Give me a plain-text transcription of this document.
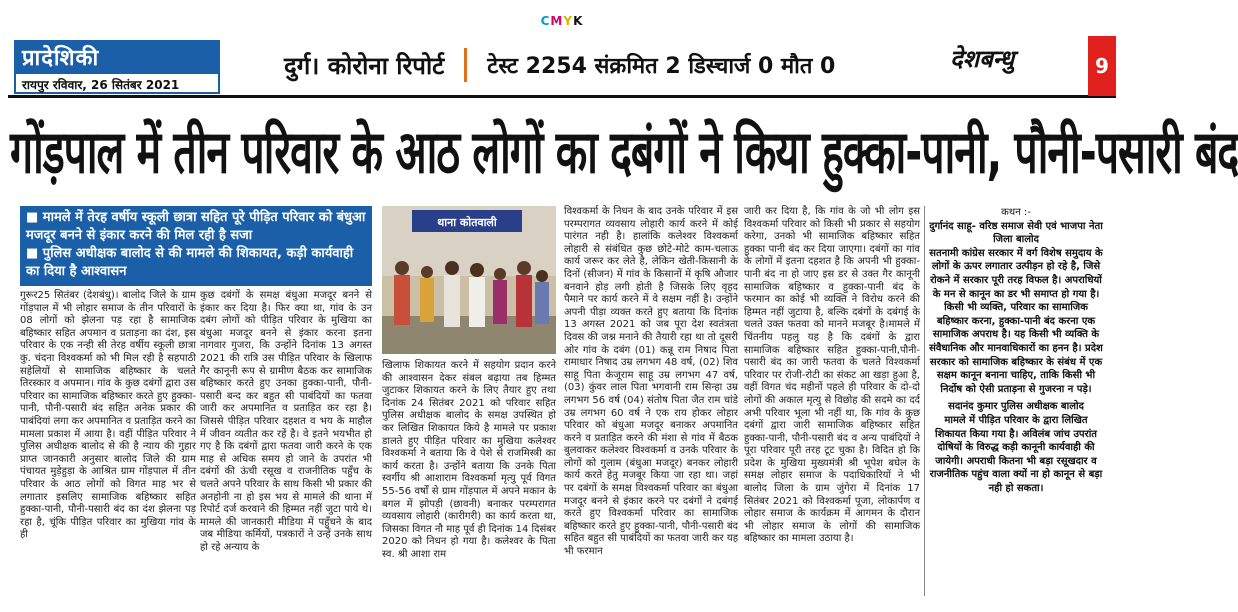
CMYK
प्रादेशिकी
रायपुर रविवार, 26 सितंबर 2021
दुर्ग। कोरोना रिपोर्ट	टेस्ट 2254 संक्रमित 2 डिस्चार्ज 0 मौत 0	देशबन्धु	9
गोंड़पाल में तीन परिवार के आठ लोगों का दबंगों ने किया हुक्का-पानी, पौनी-पसारी बंद

■ मामले में तेरह वर्षीय स्कूली छात्रा सहित पूरे पीड़ित परिवार को बंधुआ मजदूर बनने से इंकार करने की मिल रही है सजा

■ पुलिस अधीक्षक बालोद से की मामले की शिकायत, कड़ी कार्यवाही का दिया है आश्वासन

थाना कोतवाली
गुरूर25 सितंबर (देशबंधु)। बालोद जिले के ग्राम गोंड़पाल में भी लोहार समाज के तीन परिवारों के 08 लोगों को झेलना पड़ रहा है सामाजिक बहिष्कार सहित अपमान व प्रताड़ना का दंश, इस परिवार के एक नन्ही सी तेरह वर्षीय स्कूली छात्रा कु. चंदना विश्वकर्मा को भी मिल रही है सहपाठी सहेलियों से सामाजिक बहिष्कार के चलते तिरस्कार व अपमान। गांव के कुछ दबंगों द्वारा उस परिवार का सामाजिक बहिष्कार करते हुए हुक्का-पानी, पौनी-पसारी बंद सहित अनेक प्रकार की पाबंदियां लगा कर अपमानित व प्रताड़ित करने का मामला प्रकाश में आया है। वहीं पीड़ित परिवार ने पुलिस अधीक्षक बालोद से की है न्याय की गुहार प्राप्त जानकारी अनुसार बालोद जिले की ग्राम पंचायत मुड़ेहुड़ा के आश्रित ग्राम गोंड़पाल में तीन परिवार के आठ लोगों को विगत माह भर से लगातार इसलिए सामाजिक बहिष्कार सहित हुक्का-पानी, पौनी-पसारी बंद का दंश झेलना पड़ रहा है, चूंकि पीड़ित परिवार का मुखिया गांव के ही
कुछ दबंगों के समक्ष बंधुआ मजदूर बनने से इंकार कर दिया है। फिर क्या था, गांव के उन दबंग लोगों को पीड़ित परिवार के मुखिया का बंधुआ मजदूर बनने से इंकार करना इतना नागवार गुजरा, कि उन्होंने दिनांक 13 अगस्त 2021 की रात्रि उस पीड़ित परिवार के खिलाफ गैर कानूनी रूप से ग्रामीण बैठक कर सामाजिक बहिष्कार करते हुए उनका हुक्का-पानी, पौनी-पसारी बन्द कर बहुत सी पाबंदियों का फतवा जारी कर अपमानित व प्रताड़ित कर रहा है। जिससे पीड़ित परिवार दहशत व भय के माहौल में जीवन व्यतीत कर रहें है। वे इतने भयभीत हो गए है कि दबंगों द्वारा फतवा जारी करने के एक माह से अधिक समय हो जाने के उपरांत भी दबंगों की ऊंची रसूख व राजनीतिक पहुँच के चलते अपने परिवार के साथ किसी भी प्रकार की अनहोनी ना हो इस भय से मामले की थाना में रिपोर्ट दर्ज करवाने की हिम्मत नहीं जुटा पाये थे। मामले की जानकारी मीडिया में पहुँचने के बाद जब मीडिया कर्मियों, पत्रकारों ने उन्हें उनके साथ हो रहे अन्याय के
खिलाफ शिकायत करने में सहयोग प्रदान करने की आश्वासन देकर संबल बढ़ाया तब हिम्मत जुटाकर शिकायत करने के लिए तैयार हुए तथा दिनांक 24 सितंबर 2021 को परिवार सहित पुलिस अधीक्षक बालोद के समक्ष उपस्थित हो कर लिखित शिकायत किये है मामले पर प्रकाश डालते हुए पीड़ित परिवार का मुखिया कलेश्वर विश्वकर्मा ने बताया कि वे पेशे से राजमिस्त्री का कार्य करता है। उन्होंने बताया कि उनके पिता स्वर्गीय श्री आशाराम विश्वकर्मा मृत्यु पूर्व विगत 55-56 वर्षों से ग्राम गोंड़पाल में अपने मकान के बगल में झोपड़ी (छावनी) बनाकर परम्परागत व्यवसाय लोहारी (कारीगरी) का कार्य करता था, जिसका विगत नौ माह पूर्व ही दिनांक 14 दिसंबर 2020 को निधन हो गया है। कलेश्वर के पिता स्व. श्री आशा राम
विश्वकर्मा के निधन के बाद उनके परिवार में इस परम्परागत व्यवसाय लोहारी कार्य करने में कोई पारंगत नही है। हालांकि कलेश्वर विश्वकर्मा लोहारी से संबंधित कुछ छोटे-मोटे काम-चलाऊ कार्य जरूर कर लेते है, लेकिन खेती-किसानी के दिनों (सीजन) में गांव के किसानों में कृषि औजार बनवाने होड़ लगी होती है जिसके लिए वृहद पैमाने पर कार्य करने में वे सक्षम नहीं है। उन्होंने अपनी पीड़ा व्यक्त करते हुए बताया कि दिनांक 13 अगस्त 2021 को जब पूरा देश स्वतंत्रता दिवस की जश्न मनाने की तैयारी रहा था तो दूसरी ओर गांव के दबंग (01) कन्नू राम निषाद पिता रामाधार निषाद उम्र लगभग 48 वर्ष, (02) शिव साहू पिता केजूराम साहू उम्र लगभग 47 वर्ष, (03) कुंवर लाल पिता भगवानी राम सिन्हा उम्र लगभग 56 वर्ष (04) संतोष पिता जैत राम चांडे उम्र लगभग 60 वर्ष ने एक राय होकर लोहार परिवार को बंधुआ मजदूर बनाकर अपमानित करने व प्रताड़ित करने की मंशा से गांव में बैठक बुलवाकर कलेश्वर विश्वकर्मा व उनके परिवार के लोगों को गुलाम (बंधुआ मजदूर) बनकर लोहारी कार्य करते हेतु मजबूर किया जा रहा था। जहां पर दबंगों के समक्ष विश्वकर्मा परिवार का बंधुआ मजदूर बनने से इंकार करने पर दबंगों ने दबंगई करते हुए विश्वकर्मा परिवार का सामाजिक बहिष्कार करते हुए हुक्का-पानी, पौनी-पसारी बंद सहित बहुत सी पाबंदियों का फतवा जारी कर यह भी फरमान
जारी कर दिया है, कि गांव के जो भी लोग इस विश्वकर्मा परिवार को किसी भी प्रकार से सहयोग करेगा, उनको भी सामाजिक बहिष्कार सहित हुक्का पानी बंद कर दिया जाएगा। दबंगों का गांव के लोगों में इतना दहशत है कि अपनी भी हुक्का-पानी बंद ना हो जाए इस डर से उक्त गैर कानूनी सामाजिक बहिष्कार व हुक्का-पानी बंद के फरमान का कोई भी व्यक्ति ने विरोध करने की हिम्मत नहीं जुटाया है, बल्कि दबंगों के दबंगई के चलते उक्त फतवा को मानने मजबूर है।मामले में चिंतनीय पहलु यह है कि दबंगों के द्वारा सामाजिक बहिष्कार सहित हुक्का-पानी,पौनी-पसारी बंद का जारी फतवा के चलते विश्वकर्मा परिवार पर रोजी-रोटी का संकट आ खड़ा हुआ है, वहीं विगत चंद महीनों पहले ही परिवार के दो-दो लोगों की अकाल मृत्यु से विछोह की सदमे का दर्द अभी परिवार भूला भी नहीं था, कि गांव के कुछ दबंगों द्वारा जारी सामाजिक बहिष्कार सहित हुक्का-पानी, पौनी-पसारी बंद व अन्य पाबंदियों ने पूरा परिवार पूरी तरह टूट चुका है। विदित हो कि प्रदेश के मुखिया मुख्यमंत्री श्री भूपेश बघेल के समक्ष लोहार समाज के पदाधिकारियों ने भी बालोद जिला के ग्राम जुंगेरा में दिनांक 17 सितंबर 2021 को विश्वकर्मा पूजा, लोकार्पण व लोहार समाज के कार्यक्रम में आगमन के दौरान भी लोहार समाज के लोगों की सामाजिक बहिष्कार का मामला उठाया है।
कथन :-
दुर्गानंद साहू- वरिष्ठ समाज सेवी एवं भाजपा नेता जिला बालोद
सतनामी कांग्रेस सरकार में वर्ग विशेष समुदाय के लोगों के ऊपर लगातार उत्पीड़न हो रहे है, जिसे रोकने में सरकार पूरी तरह विफल है। अपराधियों के मन से कानून का डर भी समाप्त हो गया है। किसी भी व्यक्ति, परिवार का सामाजिक बहिष्कार करना, हुक्का-पानी बंद करना एक सामाजिक अपराध है। यह किसी भी व्यक्ति के संवैधानिक और मानवाधिकारों का हनन है। प्रदेश सरकार को सामाजिक बहिष्कार के संबंध में एक सक्षम कानून बनाना चाहिए, ताकि किसी भी निर्दोष को ऐसी प्रताड़ना से गुजरना न पड़े।
सदानंद कुमार पुलिस अधीक्षक बालोद
मामले में पीड़ित परिवार के द्वारा लिखित शिकायत किया गया है। अविलंब जांच उपरांत दोषियों के विरुद्ध कड़ी कानूनी कार्यवाही की जायेगी। अपराधी कितना भी बड़ा रसूखदार व राजनीतिक पहुंच वाला क्यों ना हो कानून से बड़ा नही हो सकता।
